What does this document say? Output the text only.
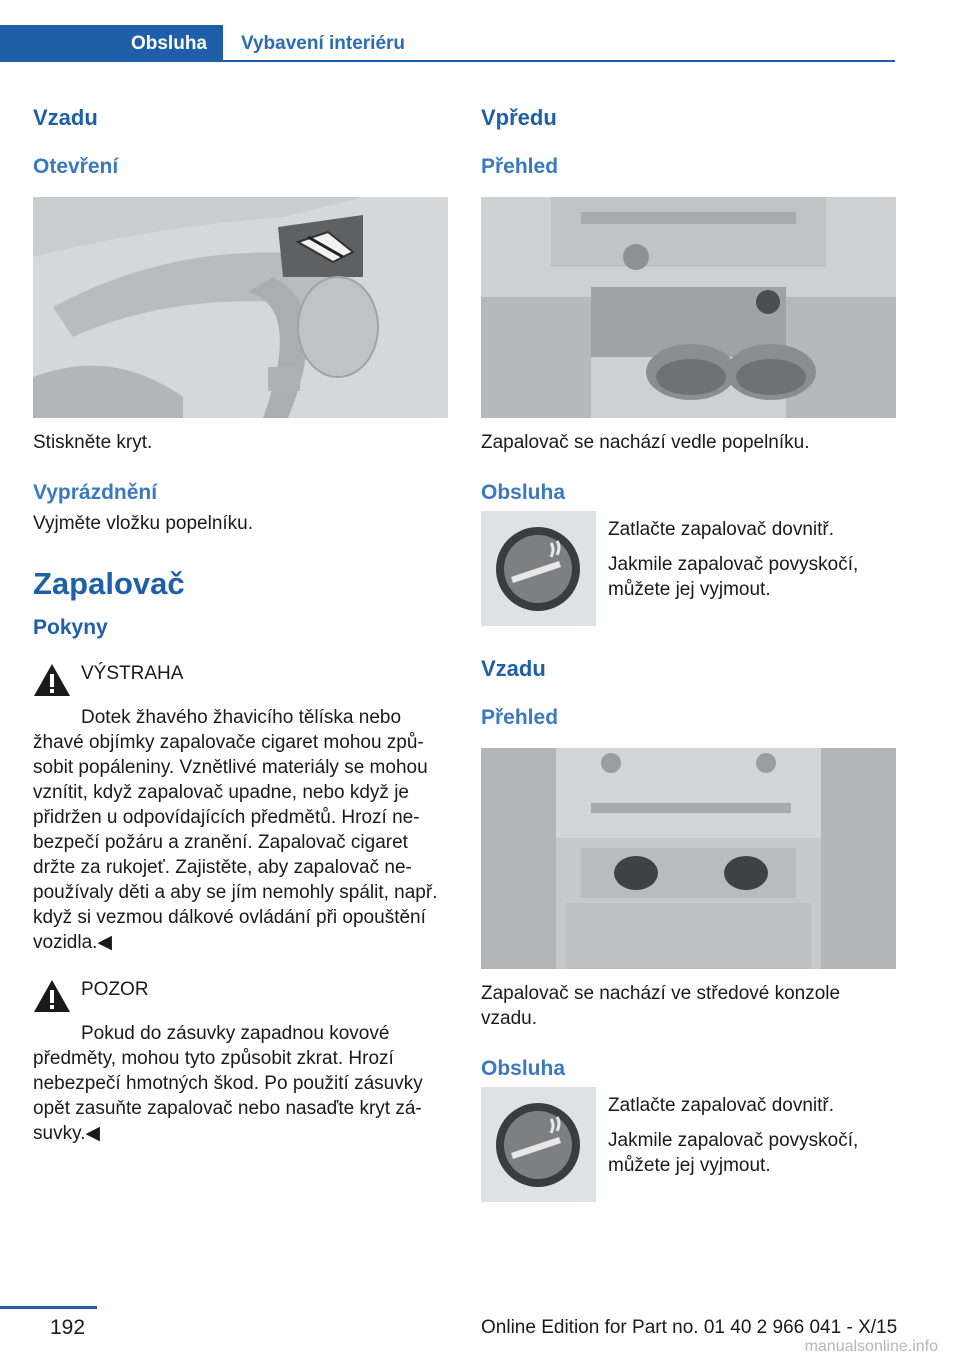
Obsluha	Vybavení interiéru

Vzadu

Otevření

Stiskněte kryt.

Vyprázdnění

Vyjměte vložku popelníku.

Zapalovač

Pokyny

VÝSTRAHA

Dotek žhavého žhavicího tělíska nebo

žhavé objímky zapalovače cigaret mohou způ‐ sobit popáleniny. Vznětlivé materiály se mohou vznítit, když zapalovač upadne, nebo když je přidržen u odpovídajících předmětů. Hrozí ne‐ bezpečí požáru a zranění. Zapalovač cigaret držte za rukojeť. Zajistěte, aby zapalovač ne‐ používaly děti a aby se jím nemohly spálit, např. když si vezmou dálkové ovládání při opouštění vozidla.◀

POZOR

Pokud do zásuvky zapadnou kovové

předměty, mohou tyto způsobit zkrat. Hrozí nebezpečí hmotných škod. Po použití zásuvky opět zasuňte zapalovač nebo nasaďte kryt zá‐ suvky.◀

Vpředu

Přehled

Zapalovač se nachází vedle popelníku.

Obsluha

Zatlačte zapalovač dovnitř.

Jakmile zapalovač povyskočí, můžete jej vyjmout.

Vzadu

Přehled

Zapalovač se nachází ve středové konzole vzadu.

Obsluha

Zatlačte zapalovač dovnitř.

Jakmile zapalovač povyskočí, můžete jej vyjmout.

192	Online Edition for Part no. 01 40 2 966 041 - X/15
manualsonline.info
